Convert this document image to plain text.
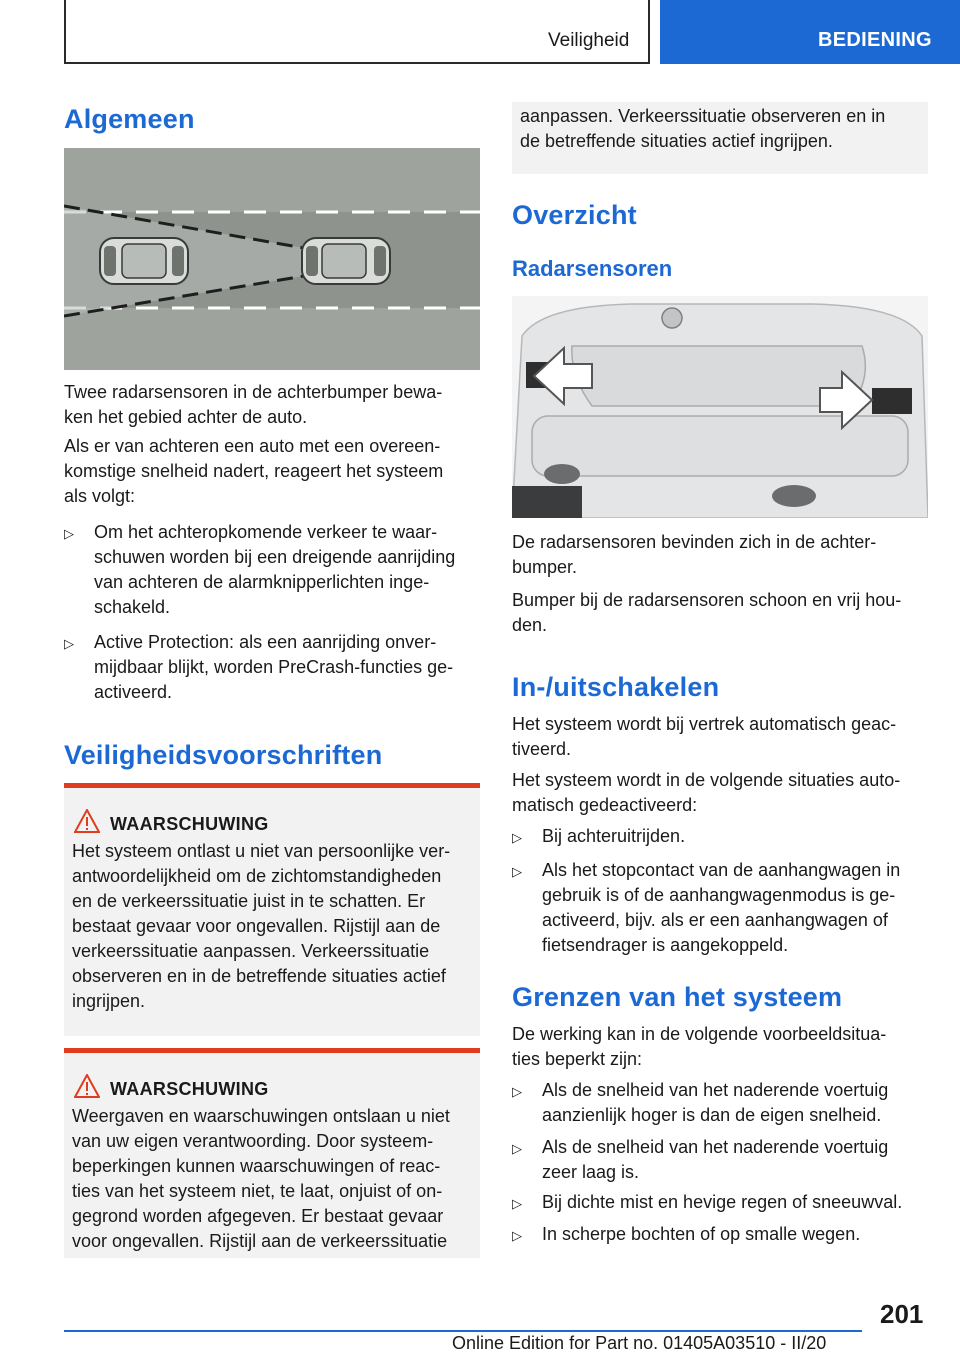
Veiligheid	BEDIENING
Algemeen

Twee radarsensoren in de achterbumper bewa-
ken het gebied achter de auto.

Als er van achteren een auto met een overeen-
komstige snelheid nadert, reageert het systeem
als volgt:

▷	Om het achteropkomende verkeer te waar-
schuwen worden bij een dreigende aanrijding
van achteren de alarmknipperlichten inge-
schakeld.
▷	Active Protection: als een aanrijding onver-
mijdbaar blijkt, worden PreCrash-functies ge-
activeerd.
Veiligheidsvoorschriften
WAARSCHUWING
Het systeem ontlast u niet van persoonlijke ver-
antwoordelijkheid om de zichtomstandigheden
en de verkeerssituatie juist in te schatten. Er
bestaat gevaar voor ongevallen. Rijstijl aan de
verkeerssituatie aanpassen. Verkeerssituatie
observeren en in de betreffende situaties actief
ingrijpen.
WAARSCHUWING
Weergaven en waarschuwingen ontslaan u niet
van uw eigen verantwoording. Door systeem-
beperkingen kunnen waarschuwingen of reac-
ties van het systeem niet, te laat, onjuist of on-
gegrond worden afgegeven. Er bestaat gevaar
voor ongevallen. Rijstijl aan de verkeerssituatie
aanpassen. Verkeerssituatie observeren en in
de betreffende situaties actief ingrijpen.
Overzicht
Radarsensoren

De radarsensoren bevinden zich in de achter-
bumper.

Bumper bij de radarsensoren schoon en vrij hou-
den.

In-/uitschakelen

Het systeem wordt bij vertrek automatisch geac-
tiveerd.

Het systeem wordt in de volgende situaties auto-
matisch gedeactiveerd:

▷	Bij achteruitrijden.
▷	Als het stopcontact van de aanhangwagen in
gebruik is of de aanhangwagenmodus is ge-
activeerd, bijv. als er een aanhangwagen of
fietsendrager is aangekoppeld.
Grenzen van het systeem

De werking kan in de volgende voorbeeldsitua-
ties beperkt zijn:

▷	Als de snelheid van het naderende voertuig
aanzienlijk hoger is dan de eigen snelheid.
▷	Als de snelheid van het naderende voertuig
zeer laag is.
▷	Bij dichte mist en hevige regen of sneeuwval.
▷	In scherpe bochten of op smalle wegen.
201
Online Edition for Part no. 01405A03510 - II/20
